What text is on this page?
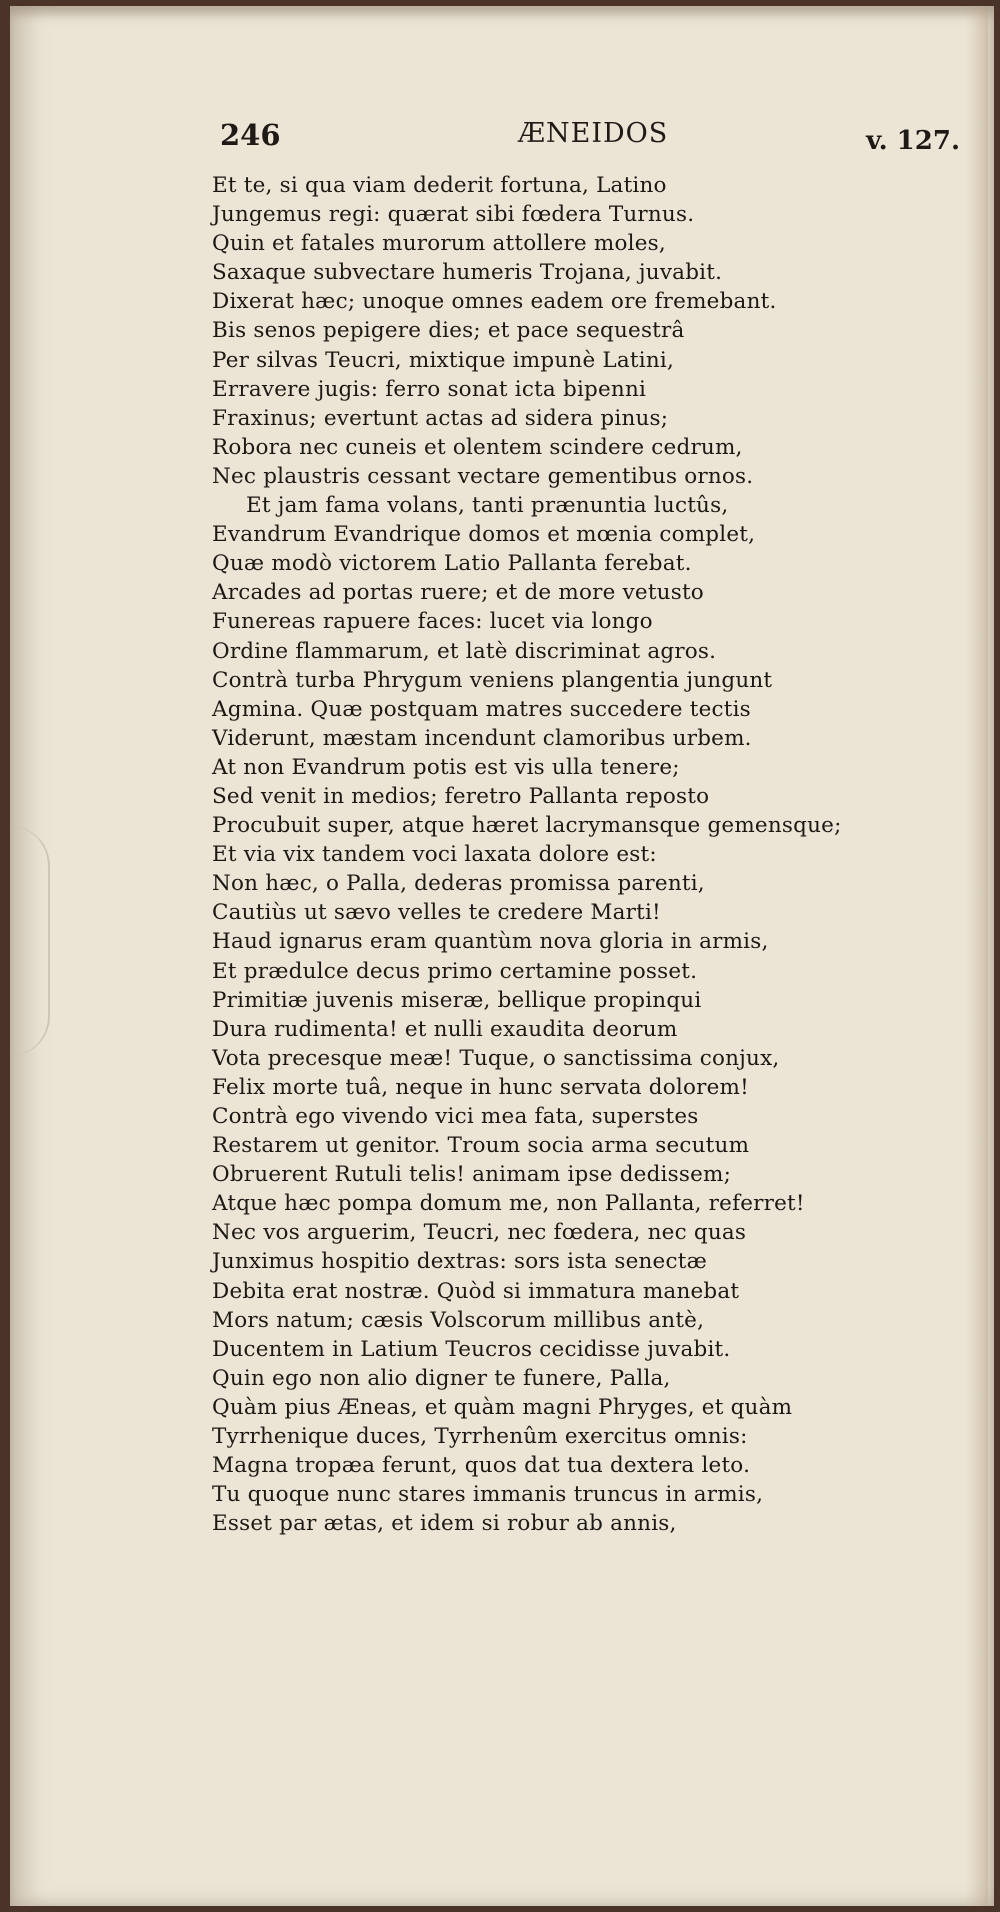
246	ÆNEIDOS	v. 127.
Et te, si qua viam dederit fortuna, Latino
Jungemus regi: quærat sibi fœdera Turnus.
Quin et fatales murorum attollere moles,
Saxaque subvectare humeris Trojana, juvabit.
Dixerat hæc; unoque omnes eadem ore fremebant.
Bis senos pepigere dies; et pace sequestrâ
Per silvas Teucri, mixtique impunè Latini,
Erravere jugis: ferro sonat icta bipenni
Fraxinus; evertunt actas ad sidera pinus;
Robora nec cuneis et olentem scindere cedrum,
Nec plaustris cessant vectare gementibus ornos.
Et jam fama volans, tanti prænuntia luctûs,
Evandrum Evandrique domos et mœnia complet,
Quæ modò victorem Latio Pallanta ferebat.
Arcades ad portas ruere; et de more vetusto
Funereas rapuere faces: lucet via longo
Ordine flammarum, et latè discriminat agros.
Contrà turba Phrygum veniens plangentia jungunt
Agmina. Quæ postquam matres succedere tectis
Viderunt, mæstam incendunt clamoribus urbem.
At non Evandrum potis est vis ulla tenere;
Sed venit in medios; feretro Pallanta reposto
Procubuit super, atque hæret lacrymansque gemensque;
Et via vix tandem voci laxata dolore est:
Non hæc, o Palla, dederas promissa parenti,
Cautiùs ut sævo velles te credere Marti!
Haud ignarus eram quantùm nova gloria in armis,
Et prædulce decus primo certamine posset.
Primitiæ juvenis miseræ, bellique propinqui
Dura rudimenta! et nulli exaudita deorum
Vota precesque meæ! Tuque, o sanctissima conjux,
Felix morte tuâ, neque in hunc servata dolorem!
Contrà ego vivendo vici mea fata, superstes
Restarem ut genitor. Troum socia arma secutum
Obruerent Rutuli telis! animam ipse dedissem;
Atque hæc pompa domum me, non Pallanta, referret!
Nec vos arguerim, Teucri, nec fœdera, nec quas
Junximus hospitio dextras: sors ista senectæ
Debita erat nostræ. Quòd si immatura manebat
Mors natum; cæsis Volscorum millibus antè,
Ducentem in Latium Teucros cecidisse juvabit.
Quin ego non alio digner te funere, Palla,
Quàm pius Æneas, et quàm magni Phryges, et quàm
Tyrrhenique duces, Tyrrhenûm exercitus omnis:
Magna tropæa ferunt, quos dat tua dextera leto.
Tu quoque nunc stares immanis truncus in armis,
Esset par ætas, et idem si robur ab annis,
